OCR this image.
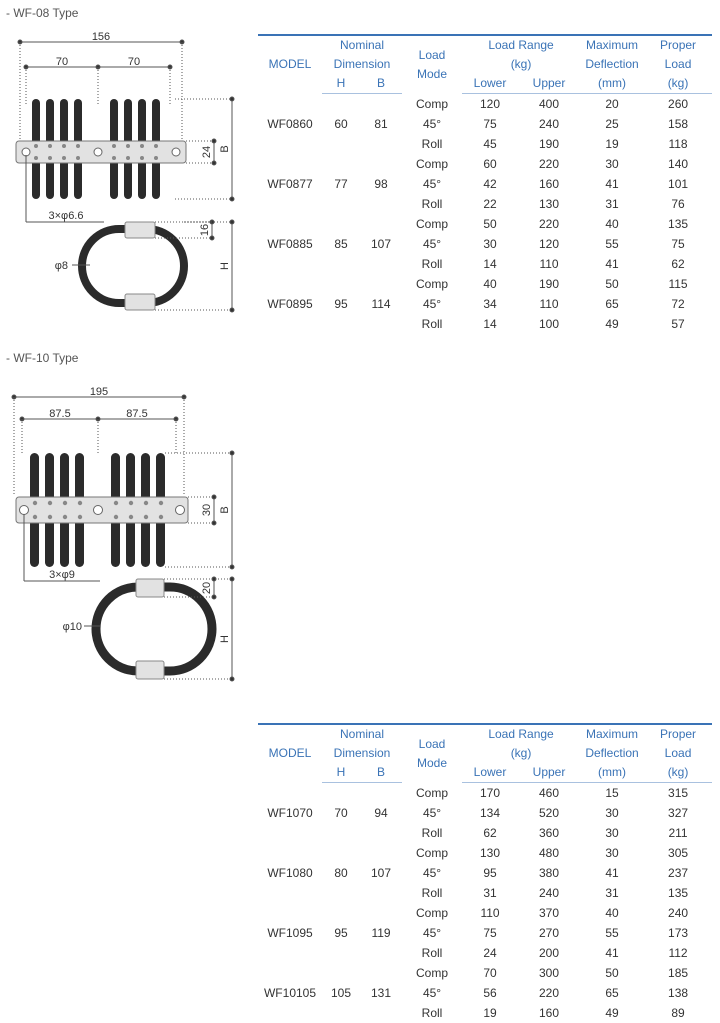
- WF-08 Type
156
70	70
24 B
3×φ6.6
16
H
φ8
MODEL	Nominal		Load
Mode	Load Range		Maximum	Proper
	Dimension			(kg)		Deflection	Load
	H	B		Lower	Upper	(mm)	(kg)
WF0860	60	81	Comp	120	400	20	260
			45°	75	240	25	158
			Roll	45	190	19	118
WF0877	77	98	Comp	60	220	30	140
			45°	42	160	41	101
			Roll	22	130	31	76
WF0885	85	107	Comp	50	220	40	135
			45°	30	120	55	75
			Roll	14	110	41	62
WF0895	95	114	Comp	40	190	50	115
			45°	34	110	65	72
			Roll	14	100	49	57
- WF-10 Type
195
87.5	87.5
30 B
3×φ9
20
H
φ10
MODEL	Nominal		Load
Mode	Load Range		Maximum	Proper
	Dimension			(kg)		Deflection	Load
	H	B		Lower	Upper	(mm)	(kg)
WF1070	70	94	Comp	170	460	15	315
			45°	134	520	30	327
			Roll	62	360	30	211
WF1080	80	107	Comp	130	480	30	305
			45°	95	380	41	237
			Roll	31	240	31	135
WF1095	95	119	Comp	110	370	40	240
			45°	75	270	55	173
			Roll	24	200	41	112
WF10105	105	131	Comp	70	300	50	185
			45°	56	220	65	138
			Roll	19	160	49	89
